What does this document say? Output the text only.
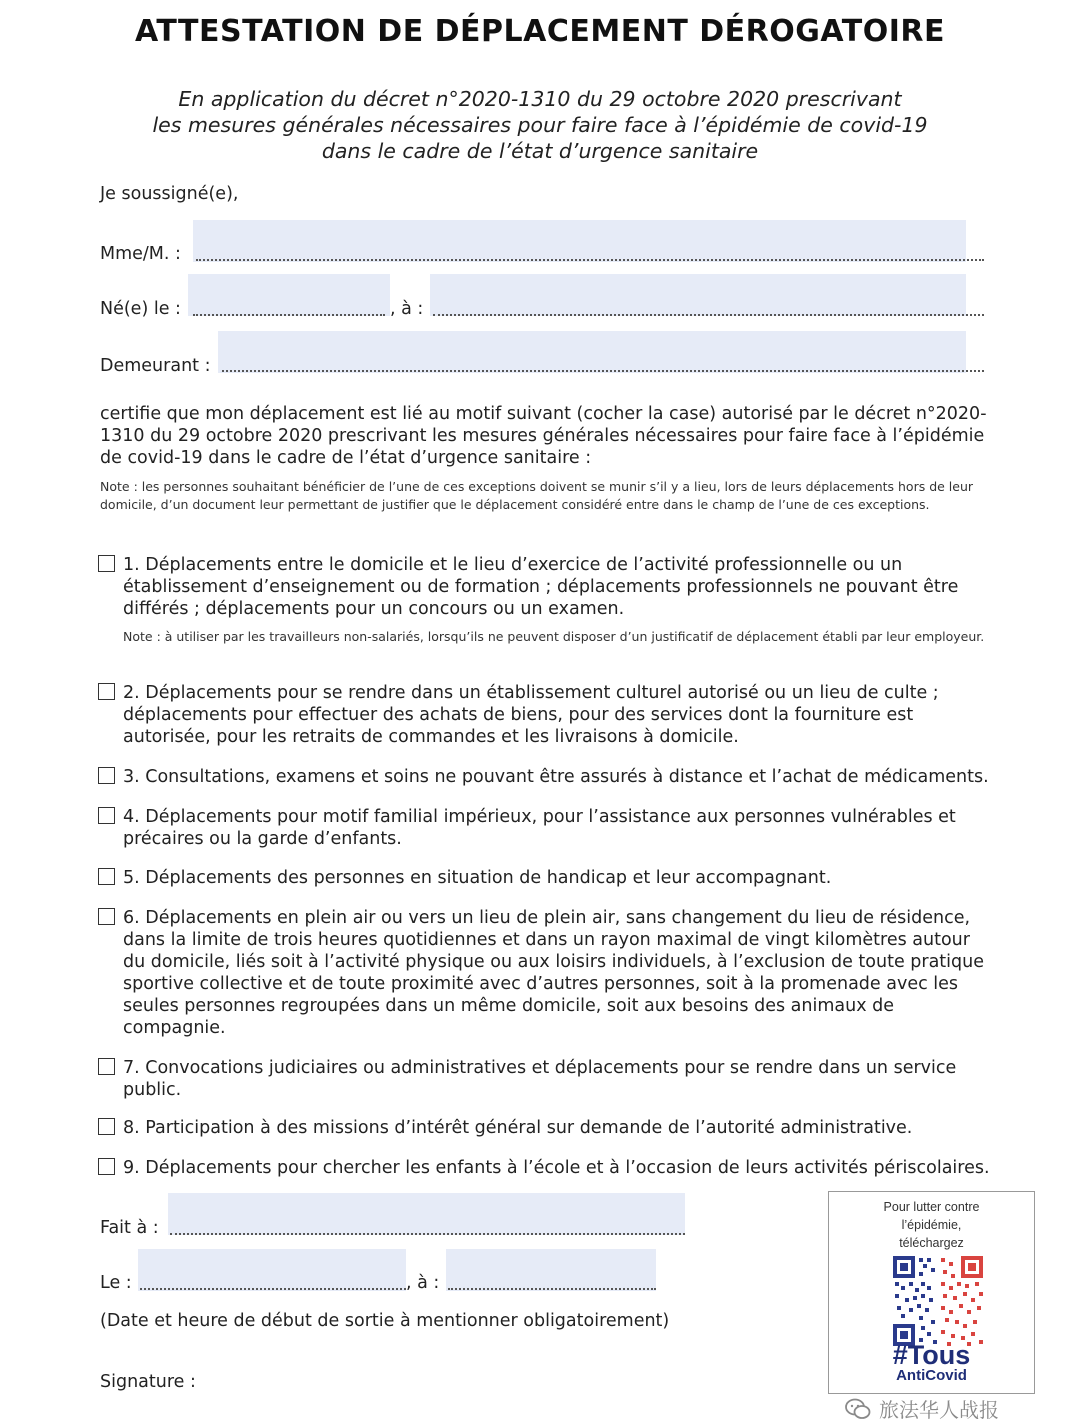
ATTESTATION DE DÉPLACEMENT DÉROGATOIRE
En application du décret n°2020-1310 du 29 octobre 2020 prescrivant
les mesures générales nécessaires pour faire face à l’épidémie de covid-19
dans le cadre de l’état d’urgence sanitaire
Je soussigné(e),
Mme/M. :
Né(e) le :	, à :
Demeurant :
certifie que mon déplacement est lié au motif suivant (cocher la case) autorisé par le décret n°2020-1310 du 29 octobre 2020 prescrivant les mesures générales nécessaires pour faire face à l’épidémie de covid-19 dans le cadre de l’état d’urgence sanitaire :
Note : les personnes souhaitant bénéficier de l’une de ces exceptions doivent se munir s’il y a lieu, lors de leurs déplacements hors de leur domicile, d’un document leur permettant de justifier que le déplacement considéré entre dans le champ de l’une de ces exceptions.
1. Déplacements entre le domicile et le lieu d’exercice de l’activité professionnelle ou un établissement d’enseignement ou de formation ; déplacements professionnels ne pouvant être différés ; déplacements pour un concours ou un examen.
Note : à utiliser par les travailleurs non-salariés, lorsqu’ils ne peuvent disposer d’un justificatif de déplacement établi par leur employeur.
2. Déplacements pour se rendre dans un établissement culturel autorisé ou un lieu de culte ; déplacements pour effectuer des achats de biens, pour des services dont la fourniture est autorisée, pour les retraits de commandes et les livraisons à domicile.
3. Consultations, examens et soins ne pouvant être assurés à distance et l’achat de médicaments.
4. Déplacements pour motif familial impérieux, pour l’assistance aux personnes vulnérables et précaires ou la garde d’enfants.
5. Déplacements des personnes en situation de handicap et leur accompagnant.
6. Déplacements en plein air ou vers un lieu de plein air, sans changement du lieu de résidence, dans la limite de trois heures quotidiennes et dans un rayon maximal de vingt kilomètres autour du domicile, liés soit à l’activité physique ou aux loisirs individuels, à l’exclusion de toute pratique sportive collective et de toute proximité avec d’autres personnes, soit à la promenade avec les seules personnes regroupées dans un même domicile, soit aux besoins des animaux de compagnie.
7. Convocations judiciaires ou administratives et déplacements pour se rendre dans un service public.
8. Participation à des missions d’intérêt général sur demande de l’autorité administrative.
9. Déplacements pour chercher les enfants à l’école et à l’occasion de leurs activités périscolaires.
Fait à :
Le :	, à :
(Date et heure de début de sortie à mentionner obligatoirement)
Signature :
Pour lutter contre
l’épidémie,
téléchargez
#Tous
AntiCovid
旅法华人战报
